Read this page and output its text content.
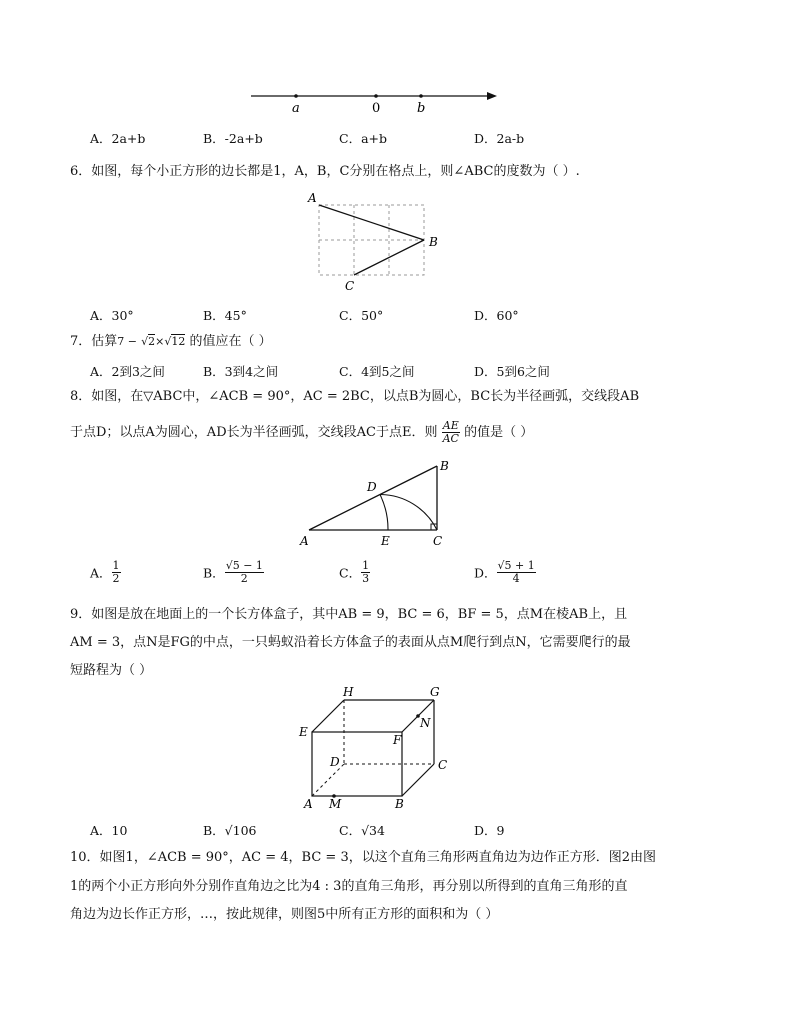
a	0	b
A．2a+b	B．-2a+b	C．a+b	D．2a-b
6．如图，每个小正方形的边长都是1，A，B，C分别在格点上，则∠ABC的度数为（ ）.
A
B
C
A．30°	B．45°	C．50°	D．60°
7．估算7 − √2×√12 的值应在（ ）
A．2到3之间	B．3到4之间	C．4到5之间	D．5到6之间
8．如图，在▽ABC中，∠ACB = 90°，AC = 2BC，以点B为圆心，BC长为半径画弧，交线段AB
于点D；以点A为圆心，AD长为半径画弧，交线段AC于点E．则 $\frac{AE}{AC}$ 的值是（ ）
A
B
C
D
E
A． $\frac{1}{2}$	B． $\frac{√5 - 1}{2}$	C． $\frac{1}{3}$	D． $\frac{√5 + 1}{4}$
9．如图是放在地面上的一个长方体盒子，其中AB = 9，BC = 6，BF = 5，点M在棱AB上，且
AM = 3，点N是FG的中点，一只蚂蚁沿着长方体盒子的表面从点M爬行到点N，它需要爬行的最
短路程为（ ）
A	B
C
D
E
F
G
H
M
N
A．10	B．√106	C．√34	D．9
10．如图1，∠ACB = 90°，AC = 4，BC = 3，以这个直角三角形两直角边为边作正方形．图2由图
1的两个小正方形向外分别作直角边之比为4 : 3的直角三角形，再分别以所得到的直角三角形的直
角边为边长作正方形，…，按此规律，则图5中所有正方形的面积和为（ ）
